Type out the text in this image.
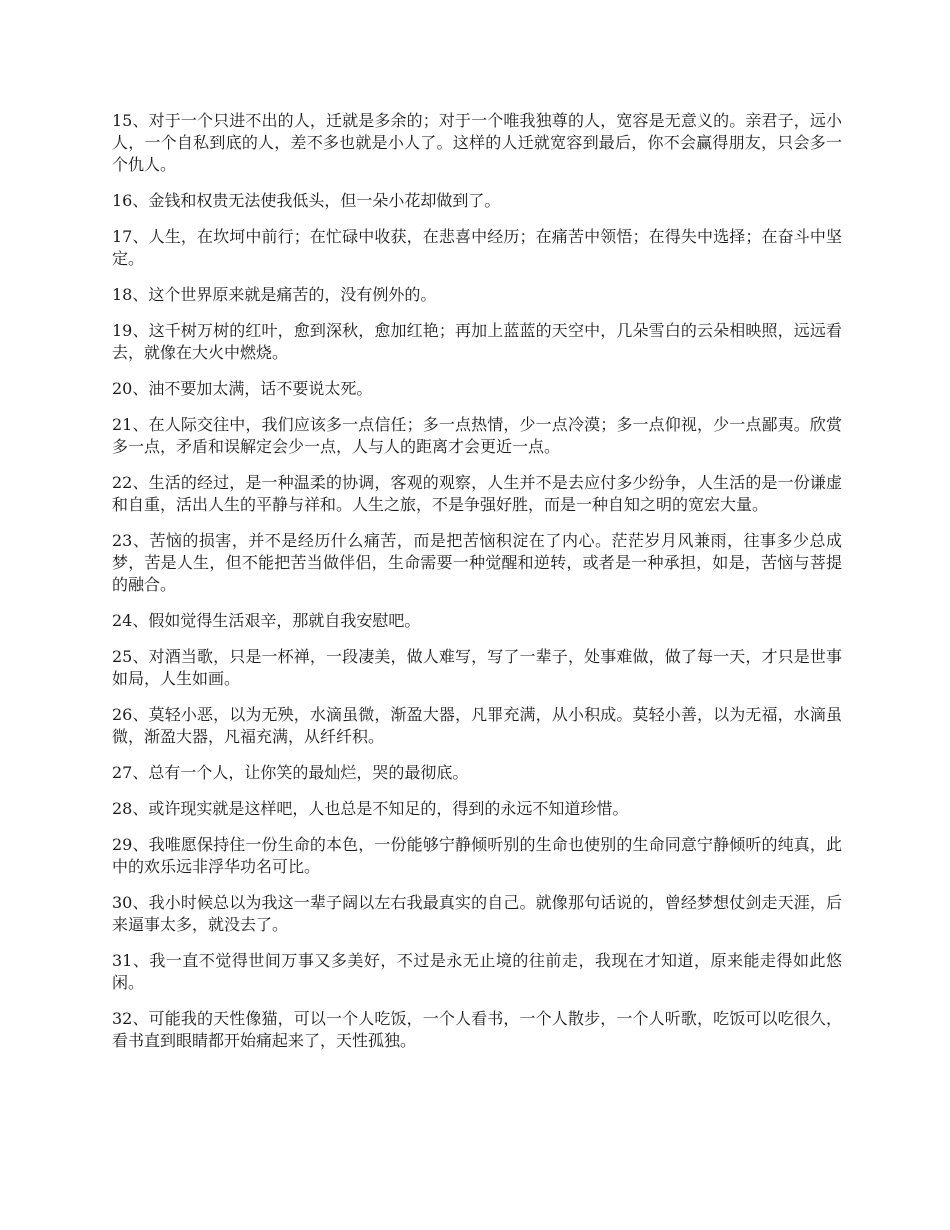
15、对于一个只进不出的人，迁就是多余的；对于一个唯我独尊的人，宽容是无意义的。亲君子，远小人，一个自私到底的人，差不多也就是小人了。这样的人迁就宽容到最后，你不会赢得朋友，只会多一个仇人。

16、金钱和权贵无法使我低头，但一朵小花却做到了。

17、人生，在坎坷中前行；在忙碌中收获，在悲喜中经历；在痛苦中领悟；在得失中选择；在奋斗中坚定。

18、这个世界原来就是痛苦的，没有例外的。

19、这千树万树的红叶，愈到深秋，愈加红艳；再加上蓝蓝的天空中，几朵雪白的云朵相映照，远远看去，就像在大火中燃烧。

20、油不要加太满，话不要说太死。

21、在人际交往中，我们应该多一点信任；多一点热情，少一点冷漠；多一点仰视，少一点鄙夷。欣赏多一点，矛盾和误解定会少一点，人与人的距离才会更近一点。

22、生活的经过，是一种温柔的协调，客观的观察，人生并不是去应付多少纷争，人生活的是一份谦虚和自重，活出人生的平静与祥和。人生之旅，不是争强好胜，而是一种自知之明的宽宏大量。

23、苦恼的损害，并不是经历什么痛苦，而是把苦恼积淀在了内心。茫茫岁月风兼雨，往事多少总成梦，苦是人生，但不能把苦当做伴侣，生命需要一种觉醒和逆转，或者是一种承担，如是，苦恼与菩提的融合。

24、假如觉得生活艰辛，那就自我安慰吧。

25、对酒当歌，只是一杯禅，一段凄美，做人难写，写了一辈子，处事难做，做了每一天，才只是世事如局，人生如画。

26、莫轻小恶，以为无殃，水滴虽微，渐盈大器，凡罪充满，从小积成。莫轻小善，以为无福，水滴虽微，渐盈大器，凡福充满，从纤纤积。

27、总有一个人，让你笑的最灿烂，哭的最彻底。

28、或许现实就是这样吧，人也总是不知足的，得到的永远不知道珍惜。

29、我唯愿保持住一份生命的本色，一份能够宁静倾听别的生命也使别的生命同意宁静倾听的纯真，此中的欢乐远非浮华功名可比。

30、我小时候总以为我这一辈子阔以左右我最真实的自己。就像那句话说的，曾经梦想仗剑走天涯，后来逼事太多，就没去了。

31、我一直不觉得世间万事又多美好，不过是永无止境的往前走，我现在才知道，原来能走得如此悠闲。

32、可能我的天性像猫，可以一个人吃饭，一个人看书，一个人散步，一个人听歌，吃饭可以吃很久，看书直到眼睛都开始痛起来了，天性孤独。
